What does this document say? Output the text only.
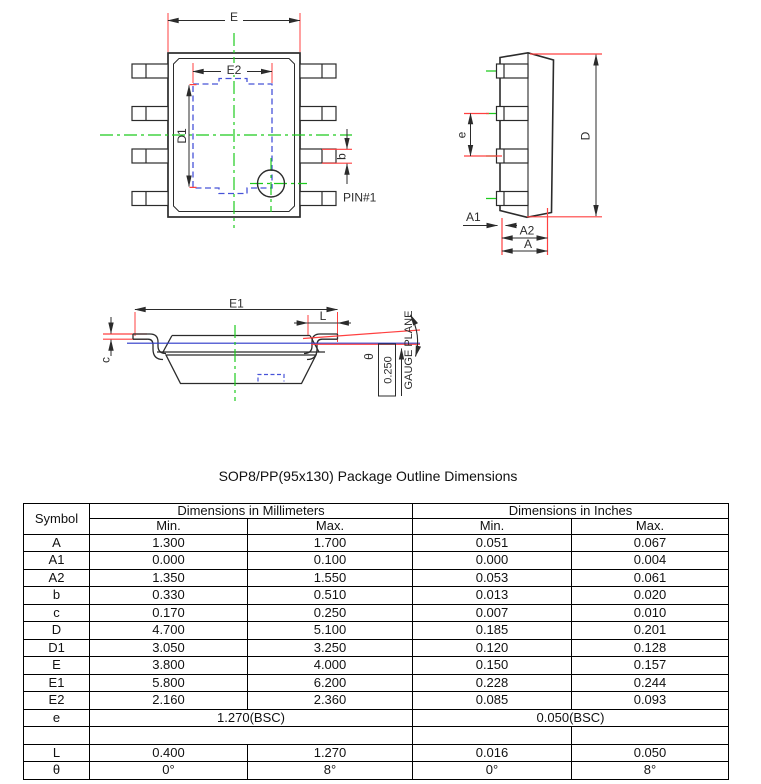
E
E2
D1
b
PIN#1
e	D
A1
A2
A
E1
L
c
θ 0.250 GAUGE PLANE
SOP8/PP(95x130) Package Outline Dimensions
Symbol	Dimensions in Millimeters		Dimensions in Inches	
	Min.	Max.	Min.	Max.
A	1.300	1.700	0.051	0.067
A1	0.000	0.100	0.000	0.004
A2	1.350	1.550	0.053	0.061
b	0.330	0.510	0.013	0.020
c	0.170	0.250	0.007	0.010
D	4.700	5.100	0.185	0.201
D1	3.050	3.250	0.120	0.128
E	3.800	4.000	0.150	0.157
E1	5.800	6.200	0.228	0.244
E2	2.160	2.360	0.085	0.093
e	1.270(BSC)		0.050(BSC)	

L	0.400	1.270	0.016	0.050
θ	0°	8°	0°	8°
